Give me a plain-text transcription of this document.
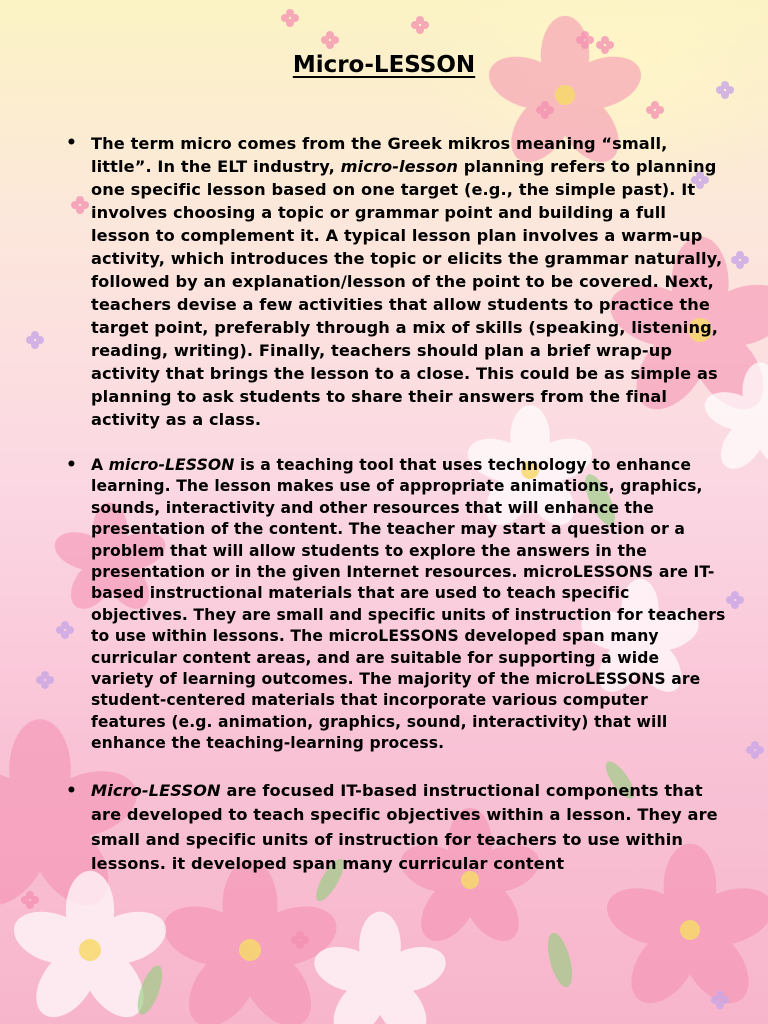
Micro-LESSON
• The term micro comes from the Greek mikros meaning “small, little”. In the ELT industry, micro-lesson planning refers to planning one specific lesson based on one target (e.g., the simple past). It involves choosing a topic or grammar point and building a full lesson to complement it. A typical lesson plan involves a warm-up activity, which introduces the topic or elicits the grammar naturally, followed by an explanation/lesson of the point to be covered. Next, teachers devise a few activities that allow students to practice the target point, preferably through a mix of skills (speaking, listening, reading, writing). Finally, teachers should plan a brief wrap-up activity that brings the lesson to a close. This could be as simple as planning to ask students to share their answers from the final activity as a class.
• A micro-LESSON is a teaching tool that uses technology to enhance learning. The lesson makes use of appropriate animations, graphics, sounds, interactivity and other resources that will enhance the presentation of the content. The teacher may start a question or a problem that will allow students to explore the answers in the presentation or in the given Internet resources. microLESSONS are IT-based instructional materials that are used to teach specific objectives. They are small and specific units of instruction for teachers to use within lessons. The microLESSONS developed span many curricular content areas, and are suitable for supporting a wide variety of learning outcomes. The majority of the microLESSONS are student-centered materials that incorporate various computer features (e.g. animation, graphics, sound, interactivity) that will enhance the teaching-learning process.
• Micro-LESSON are focused IT-based instructional components that are developed to teach specific objectives within a lesson. They are small and specific units of instruction for teachers to use within lessons. it developed span many curricular content
